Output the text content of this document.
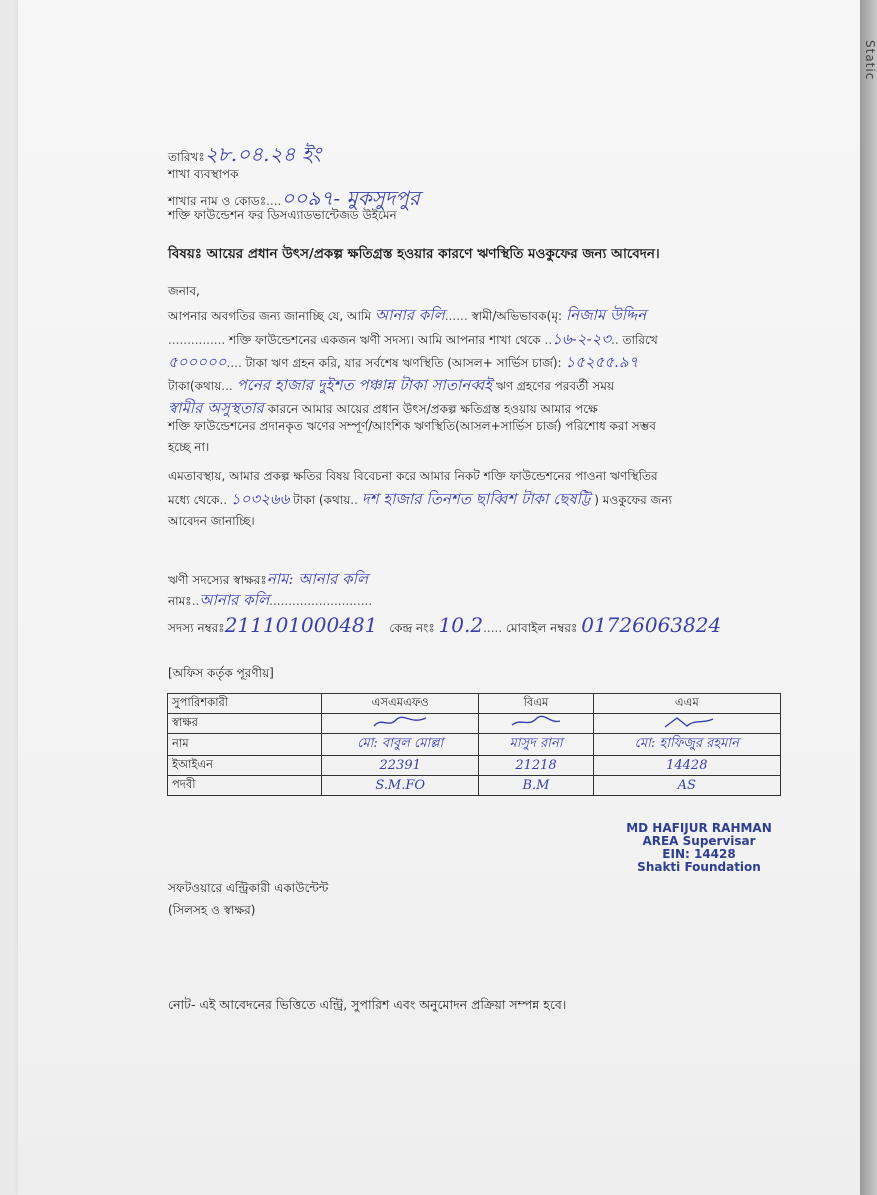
Static
তারিখঃ২৮.০৪.২৪ ইং
শাখা ব্যবস্থাপক
শাখার নাম ও কোডঃ....০০৯৭- মুকসুদপুর
শক্তি ফাউন্ডেশন ফর ডিসএ্যাডভান্টেজড উইমেন
বিষয়ঃ আয়ের প্রধান উৎস/প্রকল্প ক্ষতিগ্রস্ত হওয়ার কারণে ঋণস্থিতি মওকুফের জন্য আবেদন।
জনাব,
আপনার অবগতির জন্য জানাচ্ছি যে, আমি আনার কলি...... স্বামী/অভিভাবক(মৃ: নিজাম উদ্দিন
............... শক্তি ফাউন্ডেশনের একজন ঋণী সদস্য। আমি আপনার শাখা থেকে ..১৬-২-২৩.. তারিখে
৫০০০০০.... টাকা ঋণ গ্রহন করি, যার সর্বশেষ ঋণস্থিতি (আসল+ সার্ভিস চার্জ): ১৫২৫৫.৯৭
টাকা(কথায়... পনের হাজার দুইশত পঞ্চান্ন টাকা সাতানব্বই ঋণ গ্রহণের পরবর্তী সময়
স্বামীর অসুস্থতার কারনে আমার আয়ের প্রধান উৎস/প্রকল্প ক্ষতিগ্রস্ত হওয়ায় আমার পক্ষে
শক্তি ফাউন্ডেশনের প্রদানকৃত ঋণের সম্পূর্ণ/আংশিক ঋণস্থিতি(আসল+সার্ভিস চার্জ) পরিশোধ করা সম্ভব
হচ্ছে না।
এমতাবস্থায়, আমার প্রকল্প ক্ষতির বিষয় বিবেচনা করে আমার নিকট শক্তি ফাউন্ডেশনের পাওনা ঋণস্থিতির
মধ্যে থেকে.. ১০৩২৬৬ টাকা (কথায়.. দশ হাজার তিনশত ছাব্বিশ টাকা ছেষট্টি ) মওকুফের জন্য
আবেদন জানাচ্ছি।
ঋণী সদস্যের স্বাক্ষরঃনাম: আনার কলি
নামঃ..আনার কলি...........................
সদস্য নম্বরঃ211101000481 কেন্দ্র নংঃ 10.2..... মোবাইল নম্বরঃ 01726063824
[অফিস কর্তৃক পূরণীয়]
সুপারিশকারী	এসএমএফও	বিএম	এএম
স্বাক্ষর			
নাম	মো: বাবুল মোল্লা	মাসুদ রানা	মো: হাফিজুর রহমান
ইআইএন	22391	21218	14428
পদবী	S.M.FO	B.M	AS
MD HAFIJUR RAHMAN
AREA Supervisar
EIN: 14428
Shakti Foundation
সফটওয়ারে এন্ট্রিকারী একাউন্টেন্ট
(সিলসহ ও স্বাক্ষর)
নোট- এই আবেদনের ভিত্তিতে এন্ট্রি, সুপারিশ এবং অনুমোদন প্রক্রিয়া সম্পন্ন হবে।
